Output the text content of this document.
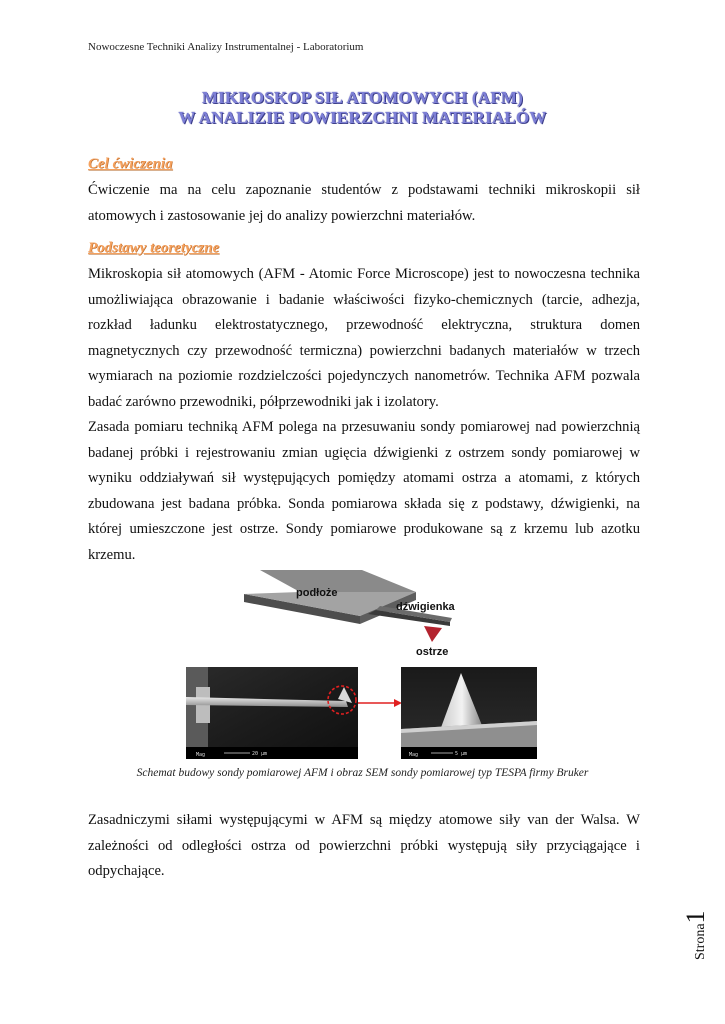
Nowoczesne Techniki Analizy Instrumentalnej - Laboratorium
MIKROSKOP SIŁ ATOMOWYCH (AFM)
W ANALIZIE POWIERZCHNI MATERIAŁÓW
Cel ćwiczenia
Ćwiczenie ma na celu zapoznanie studentów z podstawami techniki mikroskopii sił
atomowych i zastosowanie jej do analizy powierzchni materiałów.
Podstawy teoretyczne

Mikroskopia sił atomowych (AFM - Atomic Force Microscope) jest to nowoczesna technika umożliwiająca obrazowanie i badanie właściwości fizyko-chemicznych (tarcie, adhezja, rozkład ładunku elektrostatycznego, przewodność elektryczna, struktura domen magnetycznych czy przewodność termiczna) powierzchni badanych materiałów w trzech wymiarach na poziomie rozdzielczości pojedynczych nanometrów. Technika AFM pozwala badać zarówno przewodniki, półprzewodniki jak i izolatory.

Zasada pomiaru techniką AFM polega na przesuwaniu sondy pomiarowej nad powierzchnią badanej próbki i rejestrowaniu zmian ugięcia dźwigienki z ostrzem sondy pomiarowej w wyniku oddziaływań sił występujących pomiędzy atomami ostrza a atomami, z których zbudowana jest badana próbka. Sonda pomiarowa składa się z podstawy, dźwigienki, na której umieszczone jest ostrze. Sondy pomiarowe produkowane są z krzemu lub azotku krzemu.

podłoże
dźwigienka
ostrze
Mag	20 µm	Mag	5 µm
Schemat budowy sondy pomiarowej AFM i obraz SEM sondy pomiarowej typ TESPA firmy Bruker

Zasadniczymi siłami występującymi w AFM są między atomowe siły van der Walsa. W zależności od odległości ostrza od powierzchni próbki występują siły przyciągające i odpychające.

Strona1
